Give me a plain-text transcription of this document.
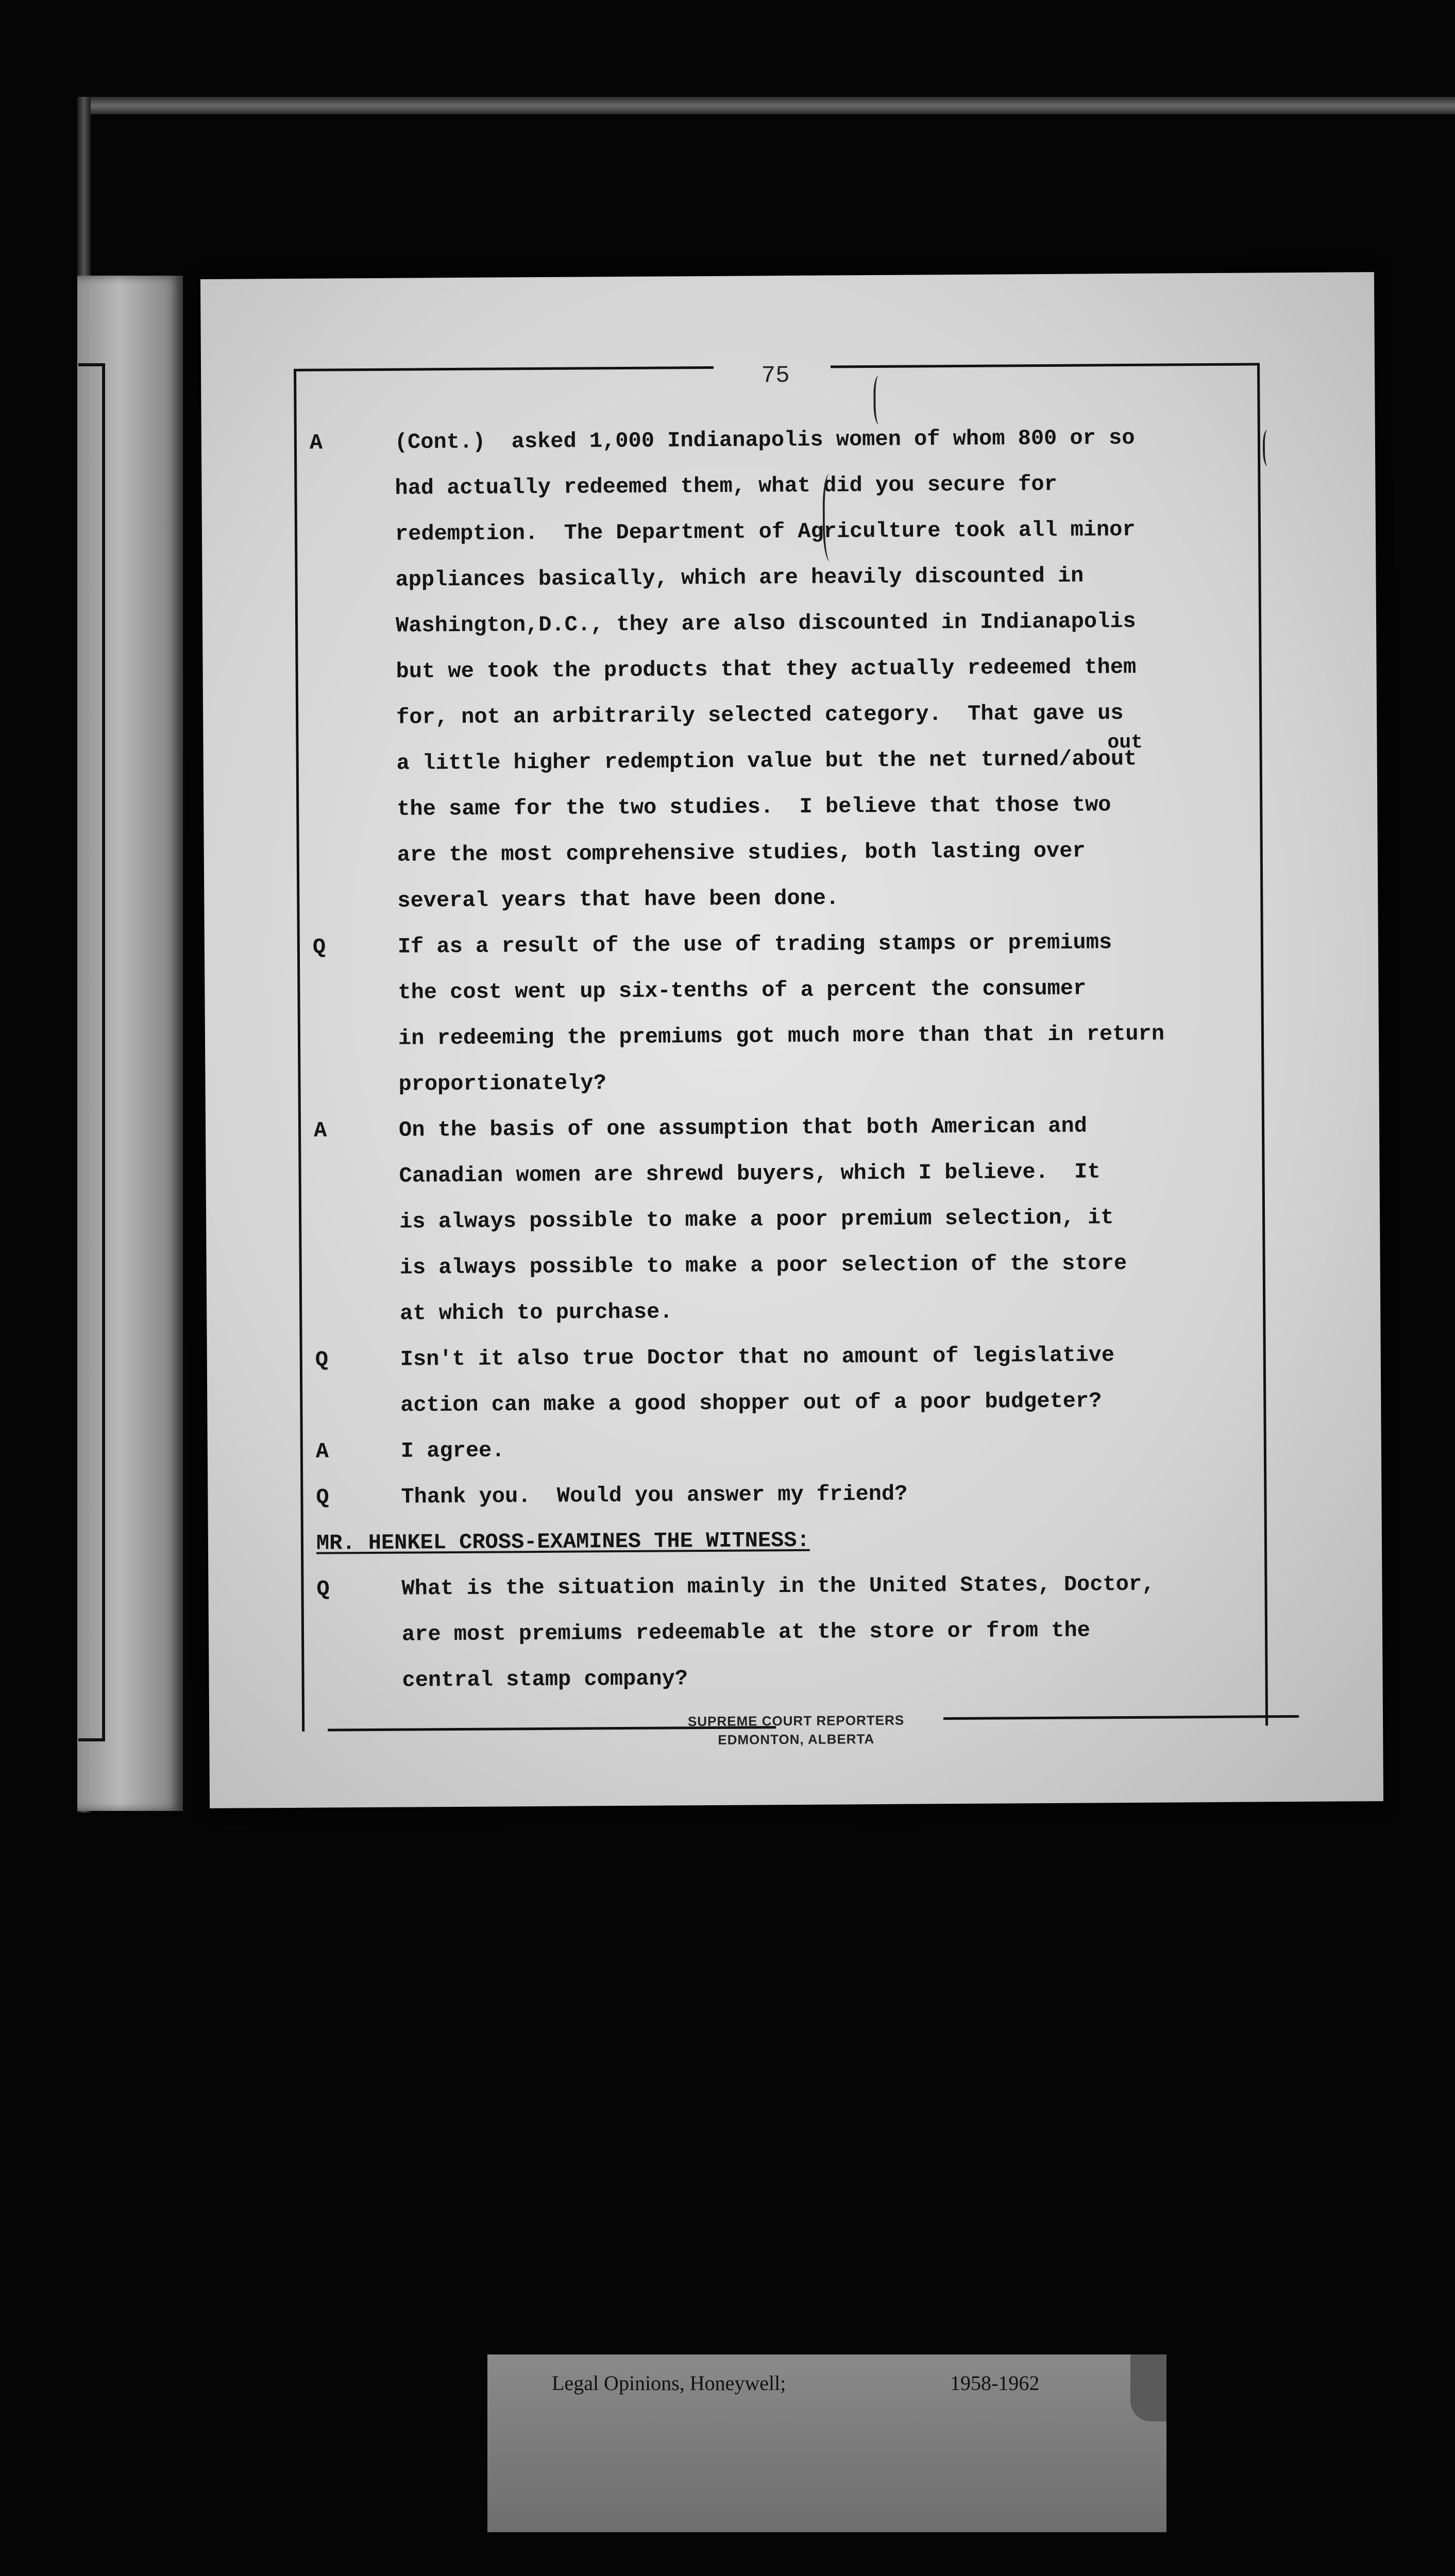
75
A	(Cont.)  asked 1,000 Indianapolis women of whom 800 or so
had actually redeemed them, what did you secure for
redemption.  The Department of Agriculture took all minor
appliances basically, which are heavily discounted in
Washington,D.C., they are also discounted in Indianapolis
but we took the products that they actually redeemed them
for, not an arbitrarily selected category.  That gave us
a little higher redemption value but the net turned/about
out
the same for the two studies.  I believe that those two
are the most comprehensive studies, both lasting over
several years that have been done.
Q	If as a result of the use of trading stamps or premiums
the cost went up six-tenths of a percent the consumer
in redeeming the premiums got much more than that in return
proportionately?
A	On the basis of one assumption that both American and
Canadian women are shrewd buyers, which I believe.  It
is always possible to make a poor premium selection, it
is always possible to make a poor selection of the store
at which to purchase.
Q	Isn't it also true Doctor that no amount of legislative
action can make a good shopper out of a poor budgeter?
A	I agree.
Q	Thank you.  Would you answer my friend?
MR. HENKEL CROSS-EXAMINES THE WITNESS:
Q	What is the situation mainly in the United States, Doctor,
are most premiums redeemable at the store or from the
central stamp company?
SUPREME COURT REPORTERS
EDMONTON, ALBERTA
Legal Opinions, Honeywell;	1958-1962
